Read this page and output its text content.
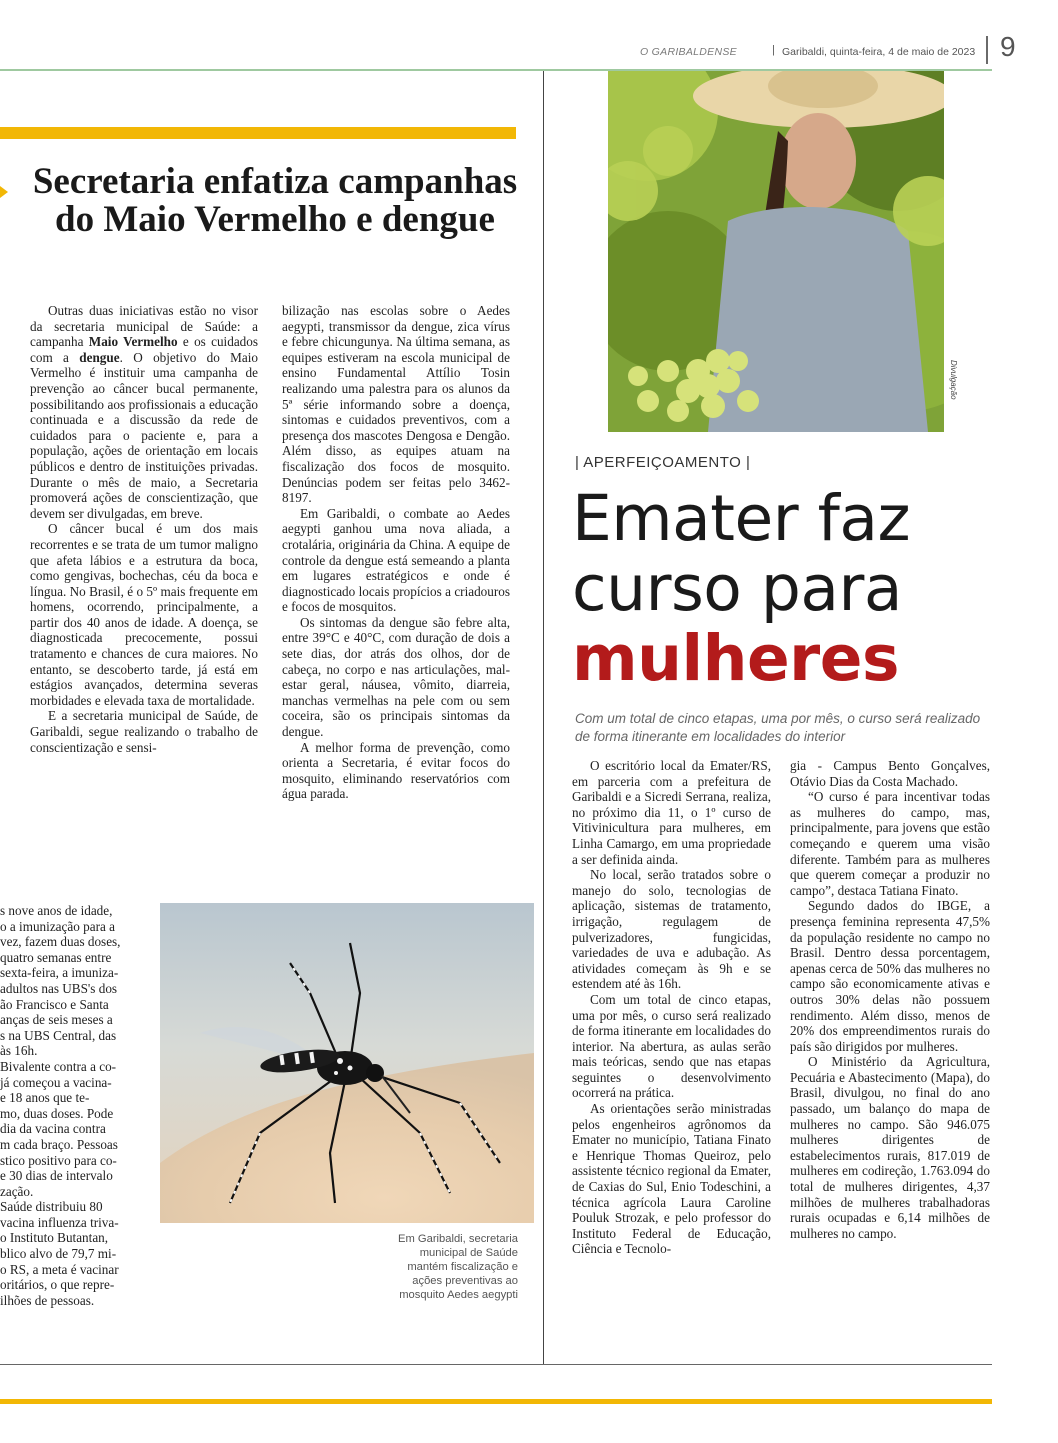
O GARIBALDENSE	| Garibaldi, quinta-feira, 4 de maio de 2023 9
Secretaria enfatiza campanhas do Maio Vermelho e dengue

Outras duas iniciativas estão no visor da secretaria municipal de Saúde: a campanha Maio Vermelho e os cuidados com a dengue. O objetivo do Maio Vermelho é instituir uma campanha de prevenção ao câncer bucal permanente, possibilitando aos profissionais a educação continuada e a discussão da rede de cuidados para o paciente e, para a população, ações de orientação em locais públicos e dentro de instituições privadas. Durante o mês de maio, a Secretaria promoverá ações de conscientização, que devem ser divulgadas, em breve.

O câncer bucal é um dos mais recorrentes e se trata de um tumor maligno que afeta lábios e a estrutura da boca, como gengivas, bochechas, céu da boca e língua. No Brasil, é o 5º mais frequente em homens, ocorrendo, principalmente, a partir dos 40 anos de idade. A doença, se diagnosticada precocemente, possui tratamento e chances de cura maiores. No entanto, se descoberto tarde, já está em estágios avançados, determina severas morbidades e elevada taxa de mortalidade.

E a secretaria municipal de Saúde, de Garibaldi, segue realizando o trabalho de conscientização e sensi-

bilização nas escolas sobre o Aedes aegypti, transmissor da dengue, zica vírus e febre chicungunya. Na última semana, as equipes estiveram na escola municipal de ensino Fundamental Attílio Tosin realizando uma palestra para os alunos da 5ª série informando sobre a doença, sintomas e cuidados preventivos, com a presença dos mascotes Dengosa e Dengão. Além disso, as equipes atuam na fiscalização dos focos de mosquito. Denúncias podem ser feitas pelo 3462-8197.

Em Garibaldi, o combate ao Aedes aegypti ganhou uma nova aliada, a crotalária, originária da China. A equipe de controle da dengue está semeando a planta em lugares estratégicos e onde é diagnosticado locais propícios a criadouros e focos de mosquitos.

Os sintomas da dengue são febre alta, entre 39°C e 40°C, com duração de dois a sete dias, dor atrás dos olhos, dor de cabeça, no corpo e nas articulações, mal-estar geral, náusea, vômito, diarreia, manchas vermelhas na pele com ou sem coceira, são os principais sintomas da dengue.

A melhor forma de prevenção, como orienta a Secretaria, é evitar focos do mosquito, eliminando reservatórios com água parada.

s nove anos de idade,

o a imunização para a

vez, fazem duas doses,

quatro semanas entre

sexta-feira, a imuniza-

adultos nas UBS's dos

ão Francisco e Santa

anças de seis meses a

s na UBS Central, das

às 16h.

Bivalente contra a co-

já começou a vacina-

e 18 anos que te-

mo, duas doses. Pode

dia da vacina contra

m cada braço. Pessoas

stico positivo para co-

e 30 dias de intervalo

zação.

Saúde distribuiu 80

vacina influenza triva-

o Instituto Butantan,

blico alvo de 79,7 mi-

o RS, a meta é vacinar

oritários, o que repre-

ilhões de pessoas.

Em Garibaldi, secretaria municipal de Saúde mantém fiscalização e ações preventivas ao mosquito Aedes aegypti
Divulgação
| APERFEIÇOAMENTO |
Emater faz
curso para
mulheres
Com um total de cinco etapas, uma por mês, o curso será realizado de forma itinerante em localidades do interior

O escritório local da Emater/RS, em parceria com a prefeitura de Garibaldi e a Sicredi Serrana, realiza, no próximo dia 11, o 1º curso de Vitivinicultura para mulheres, em Linha Camargo, em uma propriedade a ser definida ainda.

No local, serão tratados sobre o manejo do solo, tecnologias de aplicação, sistemas de tratamento, irrigação, regulagem de pulverizadores, fungicidas, variedades de uva e adubação. As atividades começam às 9h e se estendem até às 16h.

Com um total de cinco etapas, uma por mês, o curso será realizado de forma itinerante em localidades do interior. Na abertura, as aulas serão mais teóricas, sendo que nas etapas seguintes o desenvolvimento ocorrerá na prática.

As orientações serão ministradas pelos engenheiros agrônomos da Emater no município, Tatiana Finato e Henrique Thomas Queiroz, pelo assistente técnico regional da Emater, de Caxias do Sul, Enio Todeschini, a técnica agrícola Laura Caroline Pouluk Strozak, e pelo professor do Instituto Federal de Educação, Ciência e Tecnolo-

gia - Campus Bento Gonçalves, Otávio Dias da Costa Machado.

“O curso é para incentivar todas as mulheres do campo, mas, principalmente, para jovens que estão começando e querem uma visão diferente. Também para as mulheres que querem começar a produzir no campo”, destaca Tatiana Finato.

Segundo dados do IBGE, a presença feminina representa 47,5% da população residente no campo no Brasil. Dentro dessa porcentagem, apenas cerca de 50% das mulheres no campo são economicamente ativas e outros 30% delas não possuem rendimento. Além disso, menos de 20% dos empreendimentos rurais do país são dirigidos por mulheres.

O Ministério da Agricultura, Pecuária e Abastecimento (Mapa), do Brasil, divulgou, no final do ano passado, um balanço do mapa de mulheres no campo. São 946.075 mulheres dirigentes de estabelecimentos rurais, 817.019 de mulheres em codireção, 1.763.094 do total de mulheres dirigentes, 4,37 milhões de mulheres trabalhadoras rurais ocupadas e 6,14 milhões de mulheres no campo.
